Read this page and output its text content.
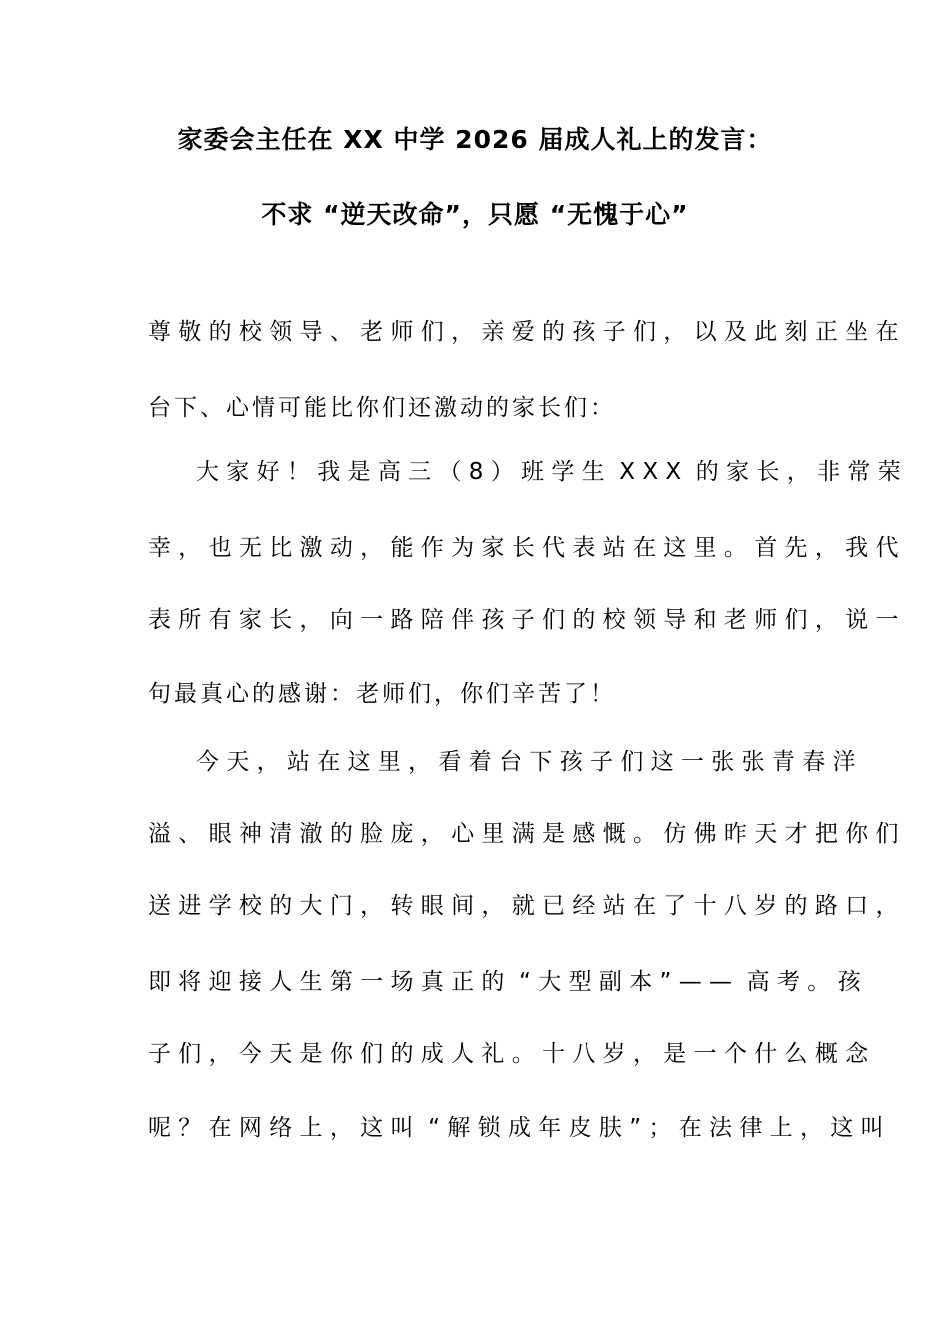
家委会主任在 XX 中学 2026 届成人礼上的发言：
不求 “逆天改命”，只愿 “无愧于心”
尊​ 敬​ 的​ 校​ 领​ 导​ 、​ 老​ 师​ 们​ ，​ 亲​ 爱​ 的​ 孩​ 子​ 们​ ，​ 以​ 及​ 此​ 刻​ 正​ 坐​ 在
台下、心情可能比你们还激动的家长们：
大​ 家​ 好​ ！​ 我​ 是​ 高​ 三​ （​ 8​ ）​ 班​ 学​ 生​ ​ X​ X​ X​ ​ 的​ 家​ 长​ ，​ 非​ 常​ 荣
幸​ ，​ 也​ 无​ 比​ 激​ 动​ ，​ 能​ 作​ 为​ 家​ 长​ 代​ 表​ 站​ 在​ 这​ 里​ 。​ 首​ 先​ ，​ 我​ 代
表​ 所​ 有​ 家​ 长​ ，​ 向​ 一​ 路​ 陪​ 伴​ 孩​ 子​ 们​ 的​ 校​ 领​ 导​ 和​ 老​ 师​ 们​ ，​ 说​ 一
句最真心的感谢：老师们，你们辛苦了！
今​ 天​ ，​ 站​ 在​ 这​ 里​ ，​ 看​ 着​ 台​ 下​ 孩​ 子​ 们​ 这​ 一​ 张​ 张​ 青​ 春​ 洋
溢​ 、​ 眼​ 神​ 清​ 澈​ 的​ 脸​ 庞​ ，​ 心​ 里​ 满​ 是​ 感​ 慨​ 。​ 仿​ 佛​ 昨​ 天​ 才​ 把​ 你​ 们
送​ 进​ 学​ 校​ 的​ 大​ 门​ ，​ 转​ 眼​ 间​ ，​ 就​ 已​ 经​ 站​ 在​ 了​ 十​ 八​ 岁​ 的​ 路​ 口​ ，
即​ 将​ 迎​ 接​ 人​ 生​ 第​ 一​ 场​ 真​ 正​ 的​ ​ “​ 大​ 型​ 副​ 本​ ”​ —​ —​ ​ 高​ 考​ 。​ 孩
子​ 们​ ，​ 今​ 天​ 是​ 你​ 们​ 的​ 成​ 人​ 礼​ 。​ 十​ 八​ 岁​ ，​ 是​ 一​ 个​ 什​ 么​ 概​ 念
呢​ ？​ 在​ 网​ 络​ 上​ ，​ 这​ 叫​ ​ “​ 解​ 锁​ 成​ 年​ 皮​ 肤​ ”​ ；​ 在​ 法​ 律​ 上​ ，​ 这​ 叫
